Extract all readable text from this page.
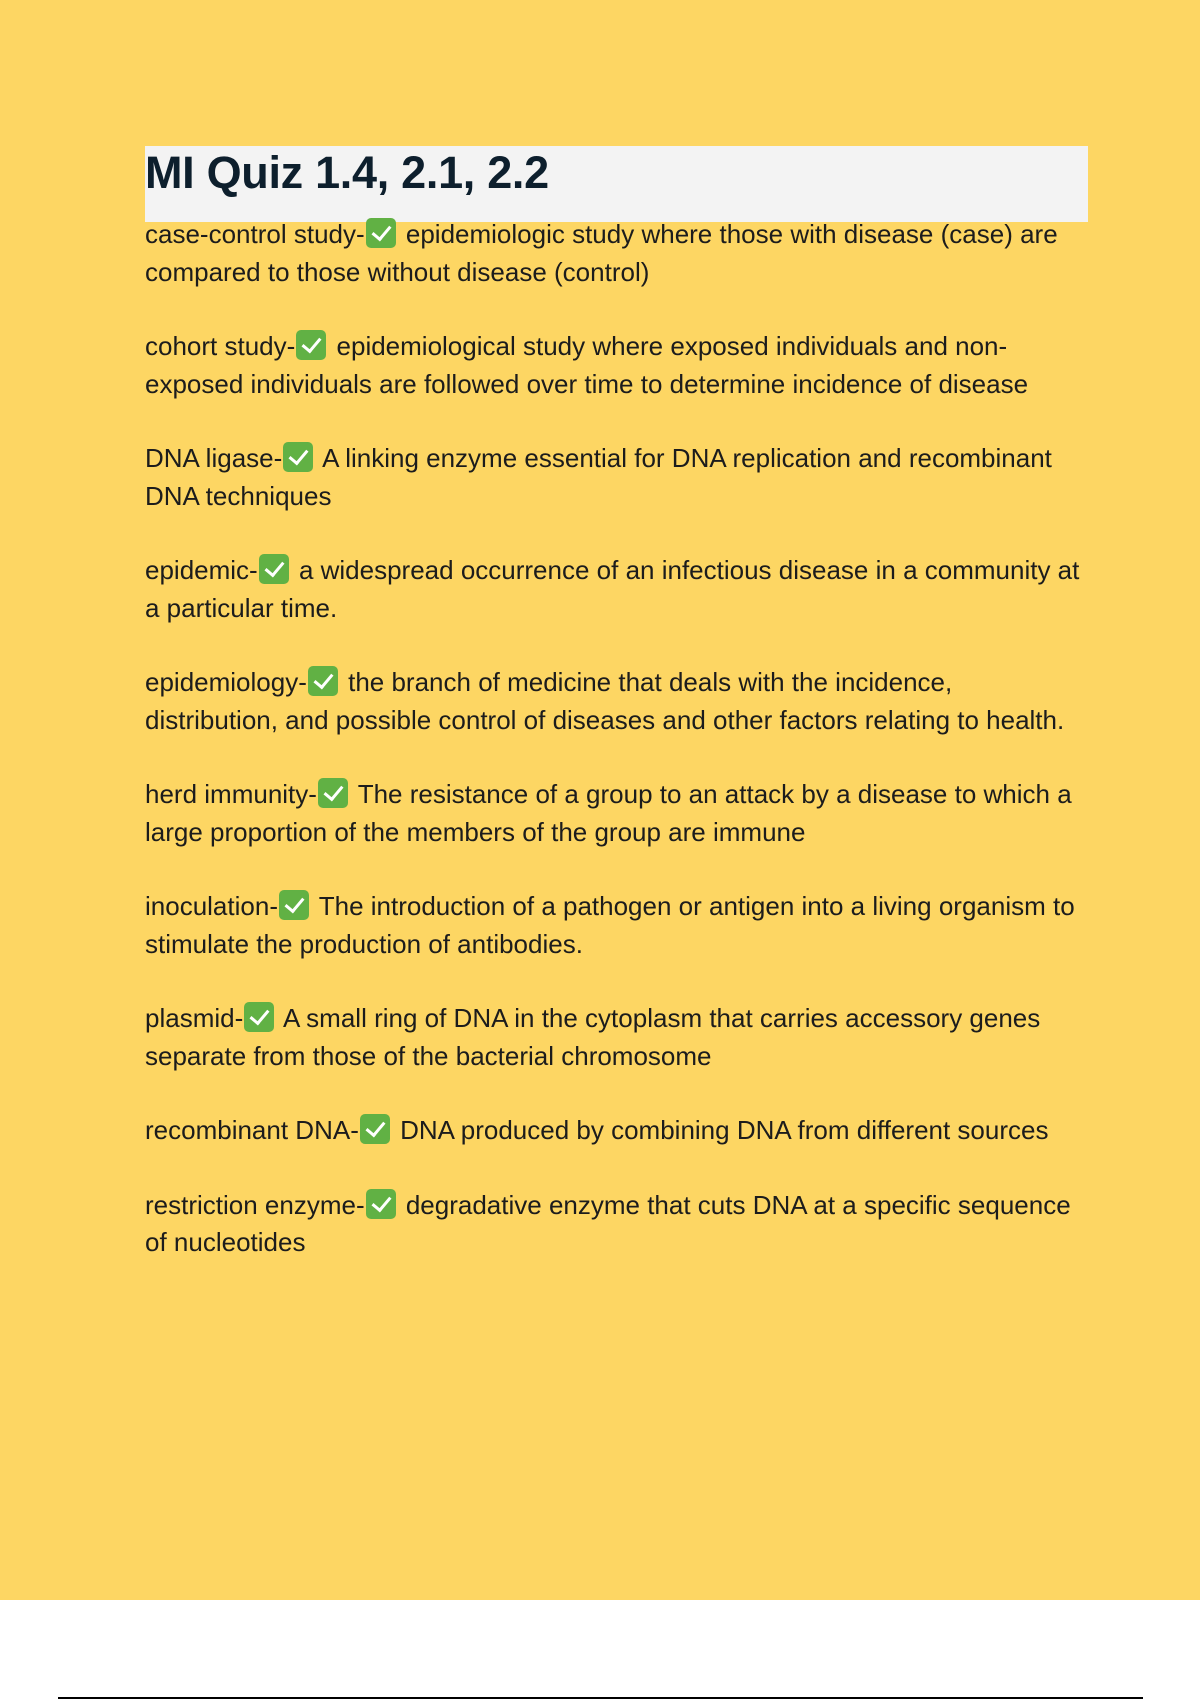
MI Quiz 1.4, 2.1, 2.2

case-control study- epidemiologic study where those with disease (case) are compared to those without disease (control)

cohort study- epidemiological study where exposed individuals and non-exposed individuals are followed over time to determine incidence of disease

DNA ligase- A linking enzyme essential for DNA replication and recombinant DNA techniques

epidemic- a widespread occurrence of an infectious disease in a community at a particular time.

epidemiology- the branch of medicine that deals with the incidence, distribution, and possible control of diseases and other factors relating to health.

herd immunity- The resistance of a group to an attack by a disease to which a large proportion of the members of the group are immune

inoculation- The introduction of a pathogen or antigen into a living organism to stimulate the production of antibodies.

plasmid- A small ring of DNA in the cytoplasm that carries accessory genes separate from those of the bacterial chromosome

recombinant DNA- DNA produced by combining DNA from different sources

restriction enzyme- degradative enzyme that cuts DNA at a specific sequence of nucleotides
